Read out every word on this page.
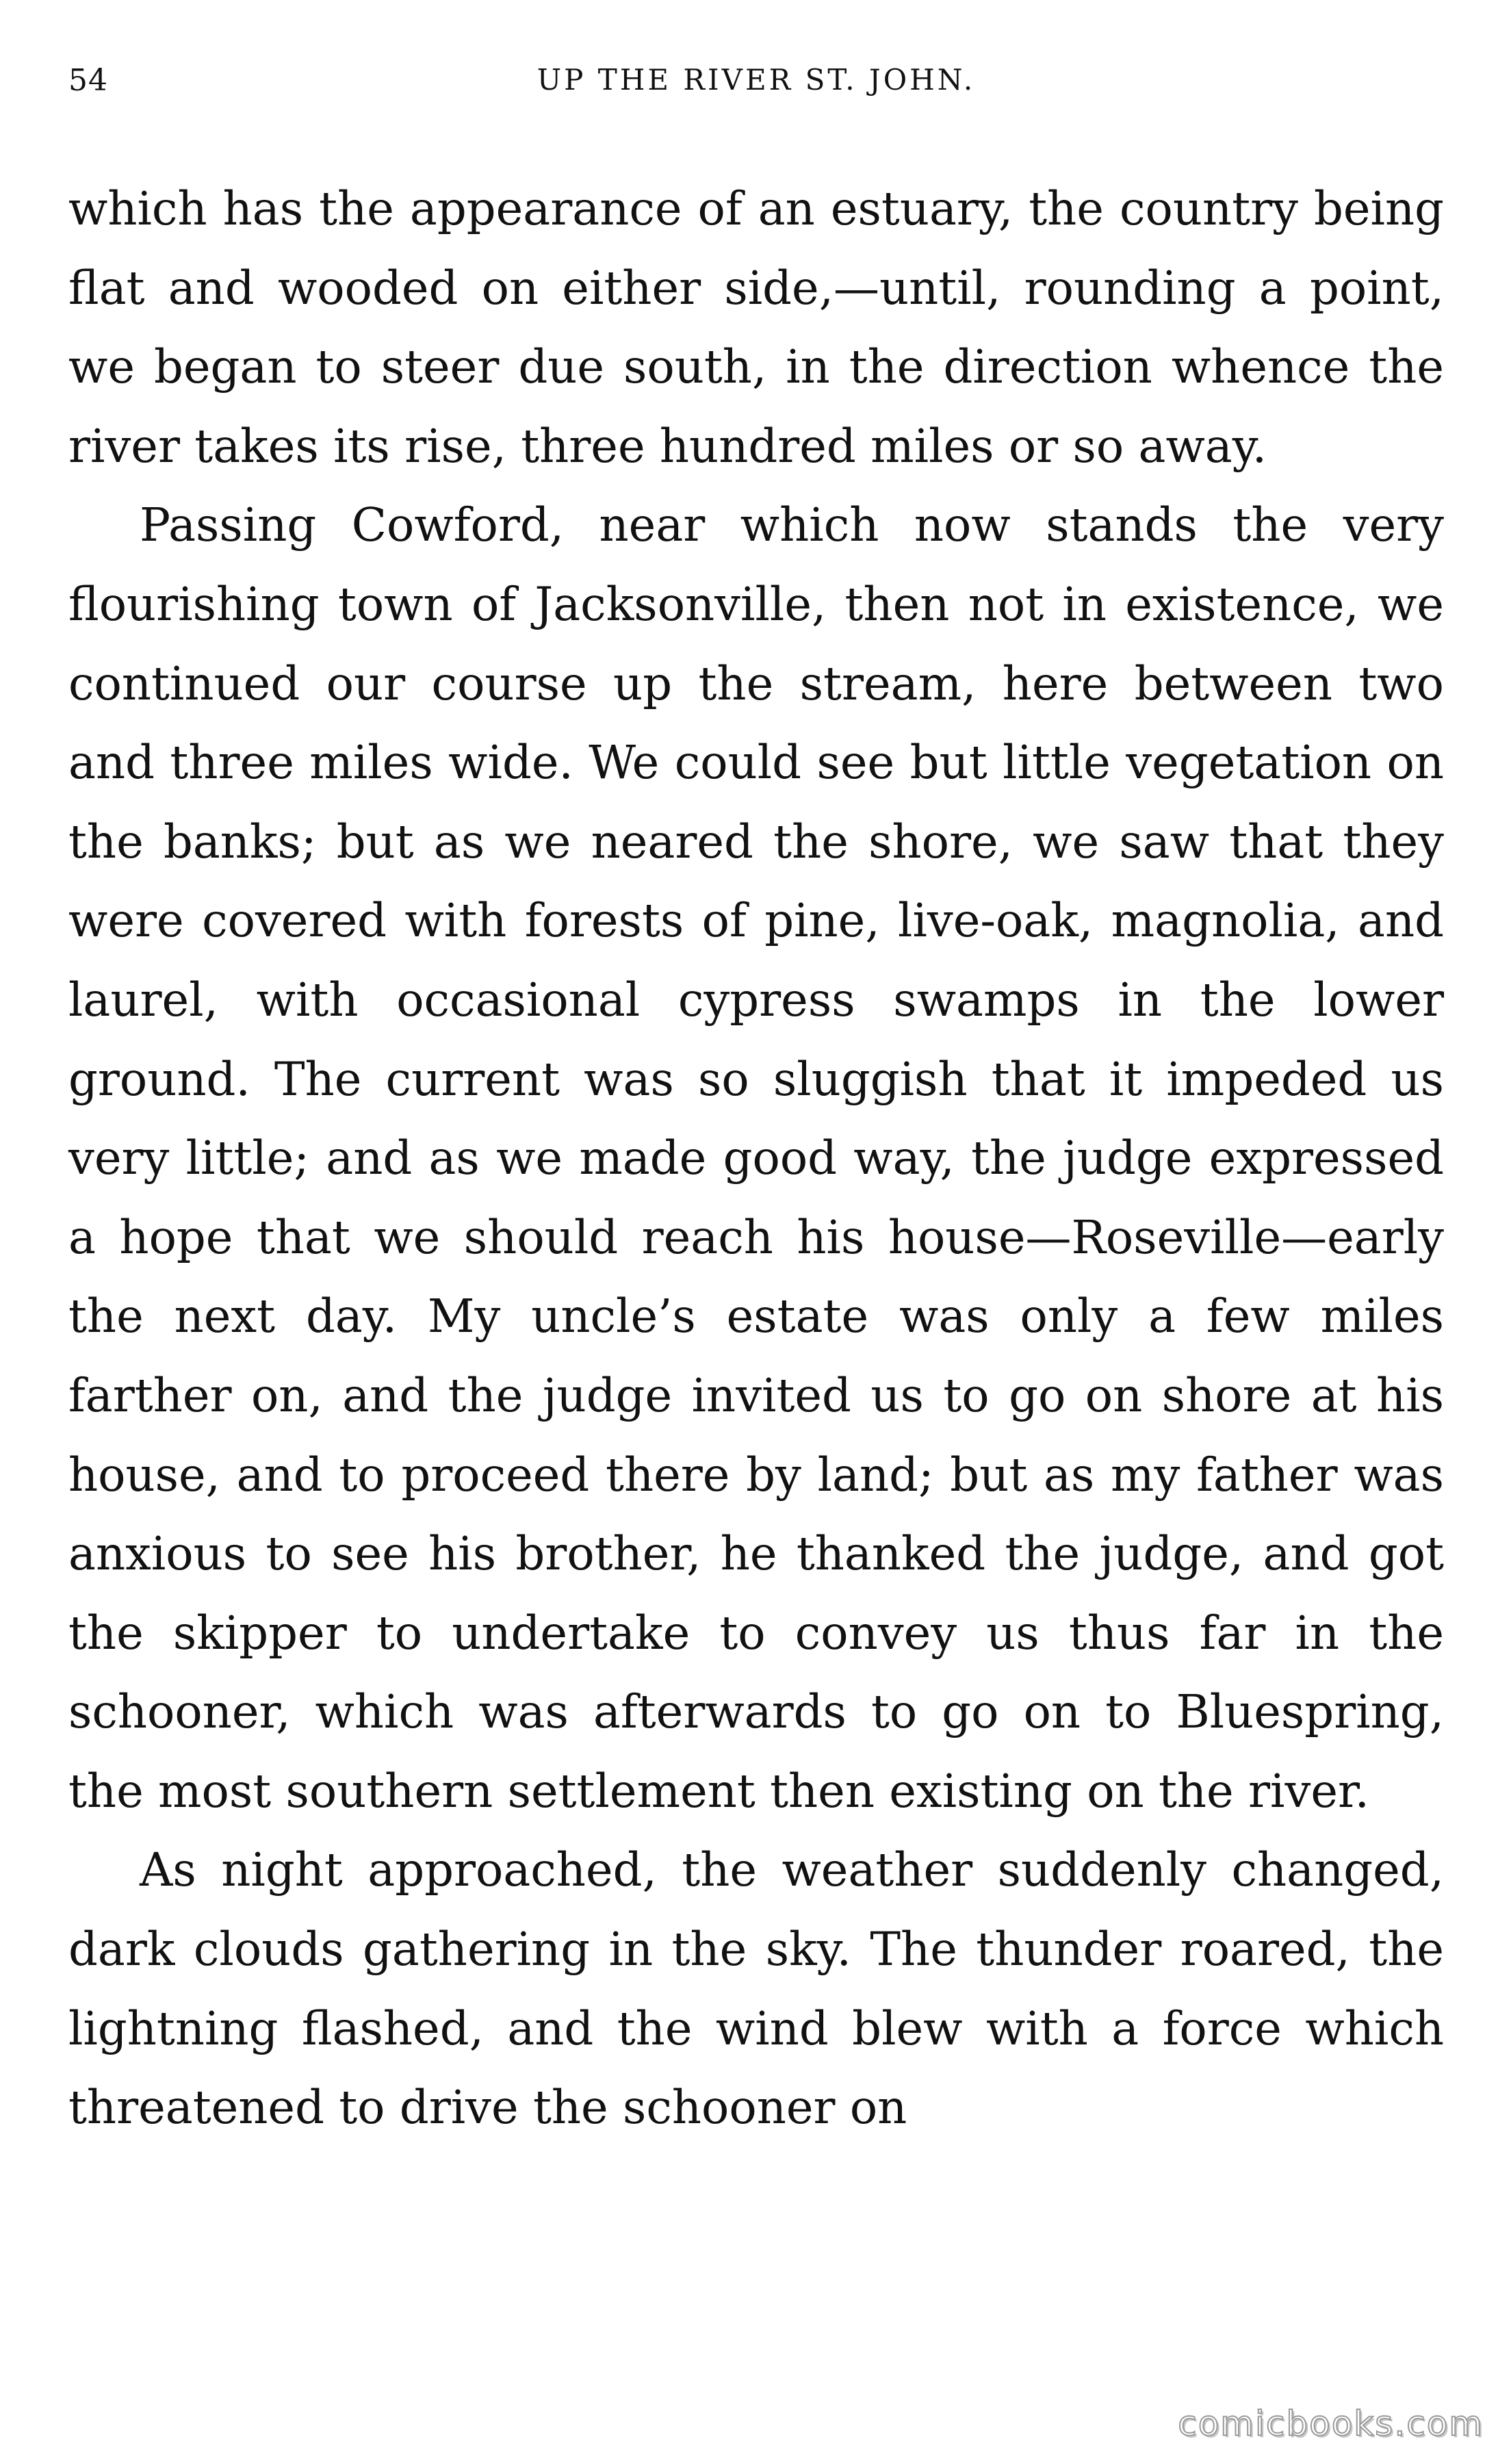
54	UP THE RIVER ST. JOHN.

which has the appearance of an estuary, the country being flat and wooded on either side,—until, rounding a point, we began to steer due south, in the direction whence the river takes its rise, three hundred miles or so away.

Passing Cowford, near which now stands the very flourishing town of Jacksonville, then not in existence, we continued our course up the stream, here between two and three miles wide. We could see but little vegetation on the banks; but as we neared the shore, we saw that they were covered with forests of pine, live-oak, magnolia, and laurel, with occasional cypress swamps in the lower ground. The current was so sluggish that it impeded us very little; and as we made good way, the judge expressed a hope that we should reach his house—Roseville—early the next day. My uncle’s estate was only a few miles farther on, and the judge invited us to go on shore at his house, and to proceed there by land; but as my father was anxious to see his brother, he thanked the judge, and got the skipper to undertake to convey us thus far in the schooner, which was afterwards to go on to Bluespring, the most southern settlement then existing on the river.

As night approached, the weather suddenly changed, dark clouds gathering in the sky. The thunder roared, the lightning flashed, and the wind blew with a force which threatened to drive the schooner on

comicbooks.com
